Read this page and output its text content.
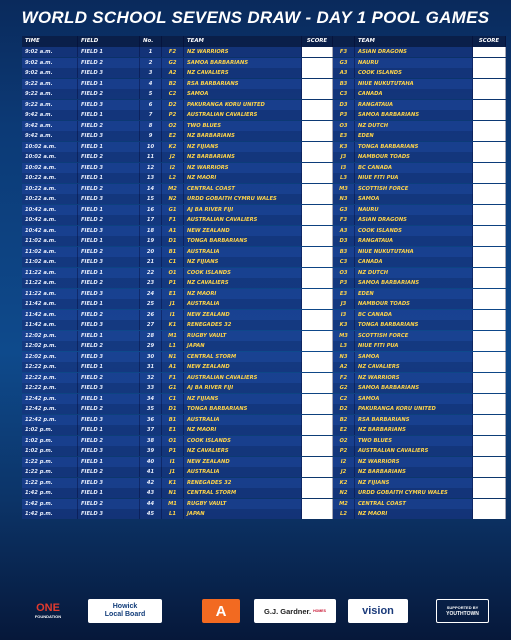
WORLD SCHOOL SEVENS DRAW - DAY 1 POOL GAMES
TIME	FIELD	No.	TEAM	SCORE	TEAM	SCORE
9:02 a.m.	FIELD 1	1	F2	NZ WARRIORS	F3	ASIAN DRAGONS
9:02 a.m.	FIELD 2	2	G2	SAMOA BARBARIANS	G3	NAURU
9:02 a.m.	FIELD 3	3	A2	NZ CAVALIERS	A3	COOK ISLANDS
9:22 a.m.	FIELD 1	4	B2	RSA BARBARIANS	B3	NIUE NUKUTUTAHA
9:22 a.m.	FIELD 2	5	C2	SAMOA	C3	CANADA
9:22 a.m.	FIELD 3	6	D2	PAKURANGA KORU UNITED	D3	RANGATAUA
9:42 a.m.	FIELD 1	7	P2	AUSTRALIAN CAVALIERS	P3	SAMOA BARBARIANS
9:42 a.m.	FIELD 2	8	O2	TWO BLUES	O3	NZ DUTCH
9:42 a.m.	FIELD 3	9	E2	NZ BARBARIANS	E3	EDEN
10:02 a.m.	FIELD 1	10	K2	NZ FIJIANS	K3	TONGA BARBARIANS
10:02 a.m.	FIELD 2	11	J2	NZ BARBARIANS	J3	NAMBOUR TOADS
10:02 a.m.	FIELD 3	12	I2	NZ WARRIORS	I3	BC CANADA
10:22 a.m.	FIELD 1	13	L2	NZ MAORI	L3	NIUE FITI PUA
10:22 a.m.	FIELD 2	14	M2	CENTRAL COAST	M3	SCOTTISH FORCE
10:22 a.m.	FIELD 3	15	N2	URDD GOBAITH CYMRU WALES	N3	SAMOA
10:42 a.m.	FIELD 1	16	G1	AJ BA RIVER FIJI	G3	NAURU
10:42 a.m.	FIELD 2	17	F1	AUSTRALIAN CAVALIERS	F3	ASIAN DRAGONS
10:42 a.m.	FIELD 3	18	A1	NEW ZEALAND	A3	COOK ISLANDS
11:02 a.m.	FIELD 1	19	D1	TONGA BARBARIANS	D3	RANGATAUA
11:02 a.m.	FIELD 2	20	B1	AUSTRALIA	B3	NIUE NUKUTUTAHA
11:02 a.m.	FIELD 3	21	C1	NZ FIJIANS	C3	CANADA
11:22 a.m.	FIELD 1	22	O1	COOK ISLANDS	O3	NZ DUTCH
11:22 a.m.	FIELD 2	23	P1	NZ CAVALIERS	P3	SAMOA BARBARIANS
11:22 a.m.	FIELD 3	24	E1	NZ MAORI	E3	EDEN
11:42 a.m.	FIELD 1	25	J1	AUSTRALIA	J3	NAMBOUR TOADS
11:42 a.m.	FIELD 2	26	I1	NEW ZEALAND	I3	BC CANADA
11:42 a.m.	FIELD 3	27	K1	RENEGADES 32	K3	TONGA BARBARIANS
12:02 p.m.	FIELD 1	28	M1	RUGBY VAULT	M3	SCOTTISH FORCE
12:02 p.m.	FIELD 2	29	L1	JAPAN	L3	NIUE FITI PUA
12:02 p.m.	FIELD 3	30	N1	CENTRAL STORM	N3	SAMOA
12:22 p.m.	FIELD 1	31	A1	NEW ZEALAND	A2	NZ CAVALIERS
12:22 p.m.	FIELD 2	32	F1	AUSTRALIAN CAVALIERS	F2	NZ WARRIORS
12:22 p.m.	FIELD 3	33	G1	AJ BA RIVER FIJI	G2	SAMOA BARBARIANS
12:42 p.m.	FIELD 1	34	C1	NZ FIJIANS	C2	SAMOA
12:42 p.m.	FIELD 2	35	D1	TONGA BARBARIANS	D2	PAKURANGA KORU UNITED
12:42 p.m.	FIELD 3	36	B1	AUSTRALIA	B2	RSA BARBARIANS
1:02 p.m.	FIELD 1	37	E1	NZ MAORI	E2	NZ BARBARIANS
1:02 p.m.	FIELD 2	38	O1	COOK ISLANDS	O2	TWO BLUES
1:02 p.m.	FIELD 3	39	P1	NZ CAVALIERS	P2	AUSTRALIAN CAVALIERS
1:22 p.m.	FIELD 1	40	I1	NEW ZEALAND	I2	NZ WARRIORS
1:22 p.m.	FIELD 2	41	J1	AUSTRALIA	J2	NZ BARBARIANS
1:22 p.m.	FIELD 3	42	K1	RENEGADES 32	K2	NZ FIJIANS
1:42 p.m.	FIELD 1	43	N1	CENTRAL STORM	N2	URDD GOBAITH CYMRU WALES
1:42 p.m.	FIELD 2	44	M1	RUGBY VAULT	M2	CENTRAL COAST
1:42 p.m.	FIELD 3	45	L1	JAPAN	L2	NZ MAORI
ONE
FOUNDATION
Howick
Local Board	A	G.J. Gardner. HOMES	vision	SUPPORTED BY
YOUTHTOWN
